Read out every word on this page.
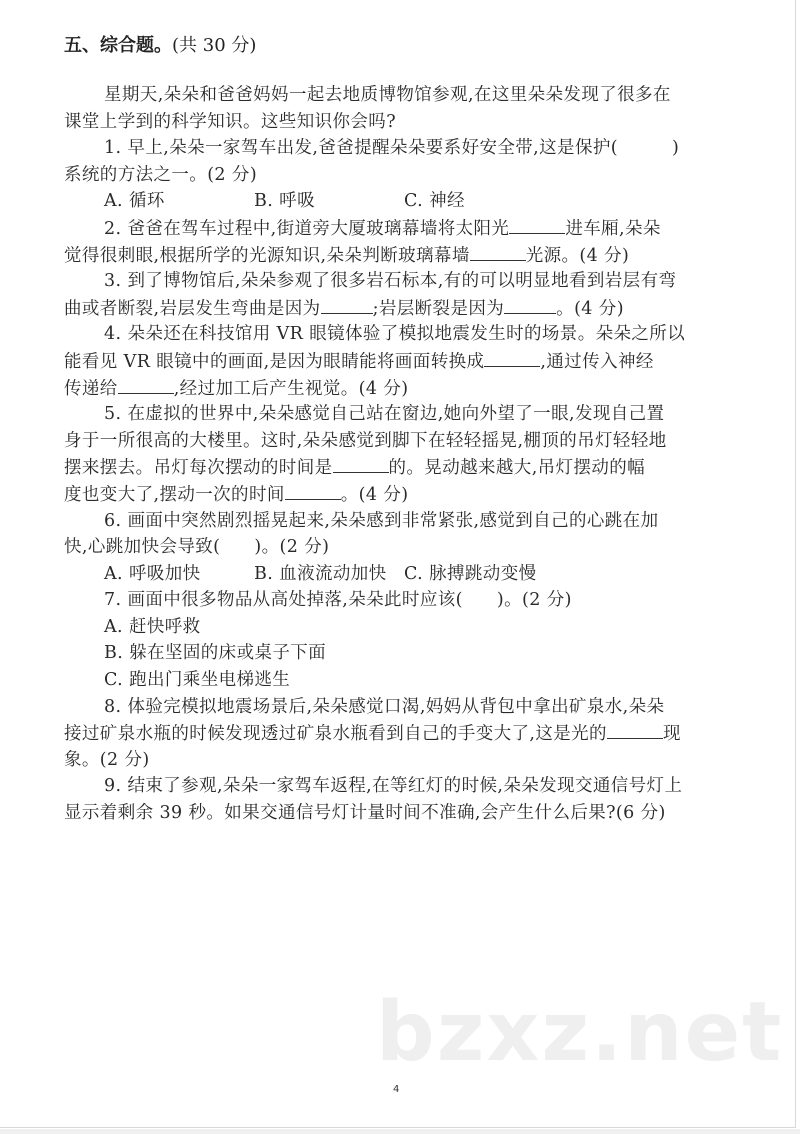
五、综合题。(共 30 分)
星期天,朵朵和爸爸妈妈一起去地质博物馆参观,在这里朵朵发现了很多在
课堂上学到的科学知识。这些知识你会吗?
1. 早上,朵朵一家驾车出发,爸爸提醒朵朵要系好安全带,这是保护(	)
系统的方法之一。(2 分)
A. 循环	B. 呼吸	C. 神经
2. 爸爸在驾车过程中,街道旁大厦玻璃幕墙将太阳光	进车厢,朵朵
觉得很刺眼,根据所学的光源知识,朵朵判断玻璃幕墙	光源。(4 分)
3. 到了博物馆后,朵朵参观了很多岩石标本,有的可以明显地看到岩层有弯
曲或者断裂,岩层发生弯曲是因为	;岩层断裂是因为	。(4 分)
4. 朵朵还在科技馆用 VR 眼镜体验了模拟地震发生时的场景。朵朵之所以
能看见 VR 眼镜中的画面,是因为眼睛能将画面转换成	,通过传入神经
传递给	,经过加工后产生视觉。(4 分)
5. 在虚拟的世界中,朵朵感觉自己站在窗边,她向外望了一眼,发现自己置
身于一所很高的大楼里。这时,朵朵感觉到脚下在轻轻摇晃,棚顶的吊灯轻轻地
摆来摆去。吊灯每次摆动的时间是	的。晃动越来越大,吊灯摆动的幅
度也变大了,摆动一次的时间	。(4 分)
6. 画面中突然剧烈摇晃起来,朵朵感到非常紧张,感觉到自己的心跳在加
快,心跳加快会导致( )。(2 分)
A. 呼吸加快	B. 血液流动加快 C. 脉搏跳动变慢
7. 画面中很多物品从高处掉落,朵朵此时应该( )。(2 分)
A. 赶快呼救
B. 躲在坚固的床或桌子下面
C. 跑出门乘坐电梯逃生
8. 体验完模拟地震场景后,朵朵感觉口渴,妈妈从背包中拿出矿泉水,朵朵
接过矿泉水瓶的时候发现透过矿泉水瓶看到自己的手变大了,这是光的	现
象。(2 分)
9. 结束了参观,朵朵一家驾车返程,在等红灯的时候,朵朵发现交通信号灯上
显示着剩余 39 秒。如果交通信号灯计量时间不准确,会产生什么后果?(6 分)
bzxz.net
4
